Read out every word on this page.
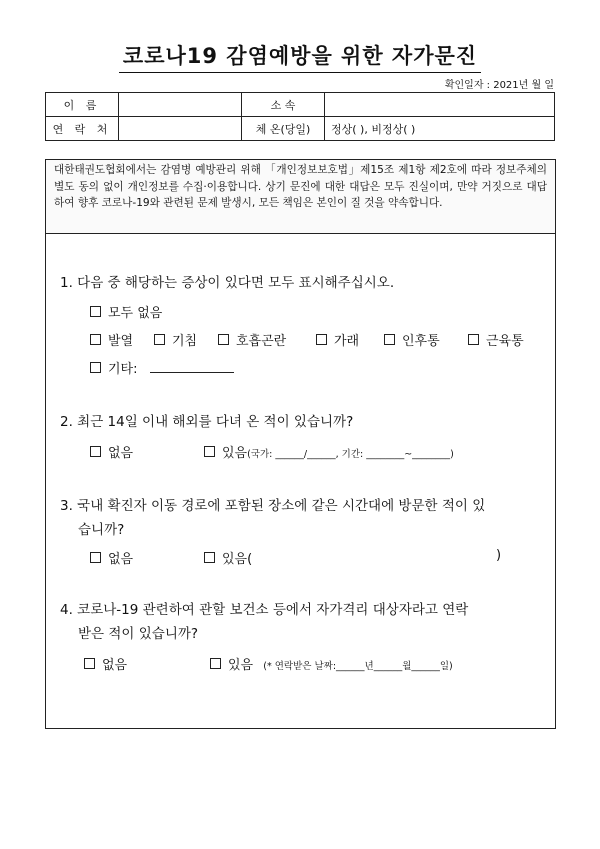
코로나19 감염예방을 위한 자가문진
확인일자 : 2021년 월 일
이 름		소 속	
연 락 처		체 온(당일)	정상( ), 비정상( )
대한태권도협회에서는 감염병 예방관리 위해 「개인정보보호법」제15조 제1항 제2호에 따라 정보주체의 별도 동의 없이 개인정보를 수집·이용합니다. 상기 문진에 대한 대답은 모두 진실이며, 만약 거짓으로 대답하여 향후 코로나-19와 관련된 문제 발생시, 모든 책임은 본인이 질 것을 약속합니다.
1. 다음 중 해당하는 증상이 있다면 모두 표시해주십시오.
모두 없음
발열	기침	호흡곤란	가래	인후통	근육통
기타:
2. 최근 14일 이내 해외를 다녀 온 적이 있습니까?
없음	있음(국가: ______/______, 기간: ________~________)
3. 국내 확진자 이동 경로에 포함된 장소에 같은 시간대에 방문한 적이 있
습니까?
없음	있음(	)
4. 코로나-19 관련하여 관할 보건소 등에서 자가격리 대상자라고 연락
받은 적이 있습니까?
없음	있음 (* 연락받은 날짜:______년______월______일)
